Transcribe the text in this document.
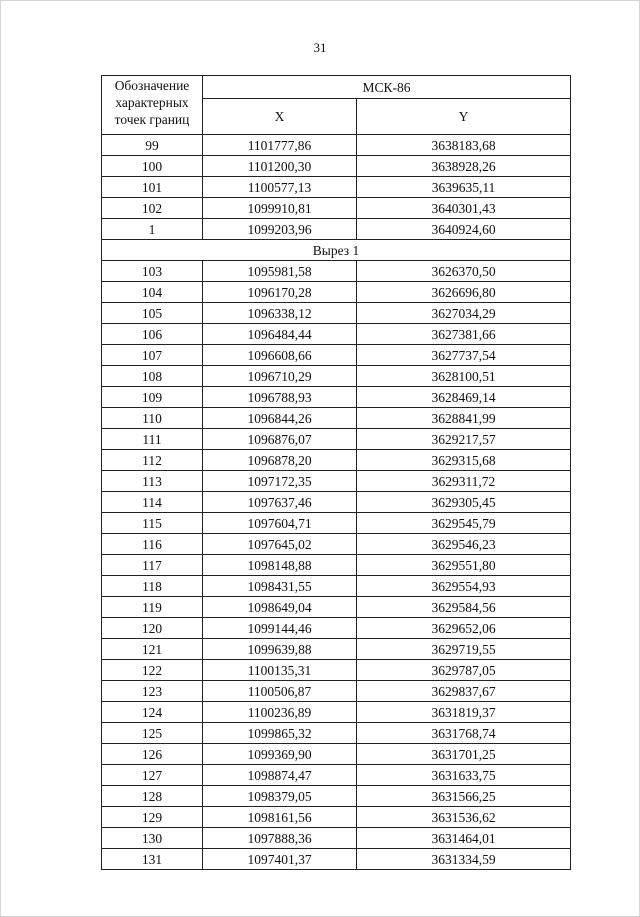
31
Обозначение характерных точек границ	МСК-86	
	X	Y
99	1101777,86	3638183,68
100	1101200,30	3638928,26
101	1100577,13	3639635,11
102	1099910,81	3640301,43
1	1099203,96	3640924,60
Вырез 1		
103	1095981,58	3626370,50
104	1096170,28	3626696,80
105	1096338,12	3627034,29
106	1096484,44	3627381,66
107	1096608,66	3627737,54
108	1096710,29	3628100,51
109	1096788,93	3628469,14
110	1096844,26	3628841,99
111	1096876,07	3629217,57
112	1096878,20	3629315,68
113	1097172,35	3629311,72
114	1097637,46	3629305,45
115	1097604,71	3629545,79
116	1097645,02	3629546,23
117	1098148,88	3629551,80
118	1098431,55	3629554,93
119	1098649,04	3629584,56
120	1099144,46	3629652,06
121	1099639,88	3629719,55
122	1100135,31	3629787,05
123	1100506,87	3629837,67
124	1100236,89	3631819,37
125	1099865,32	3631768,74
126	1099369,90	3631701,25
127	1098874,47	3631633,75
128	1098379,05	3631566,25
129	1098161,56	3631536,62
130	1097888,36	3631464,01
131	1097401,37	3631334,59
